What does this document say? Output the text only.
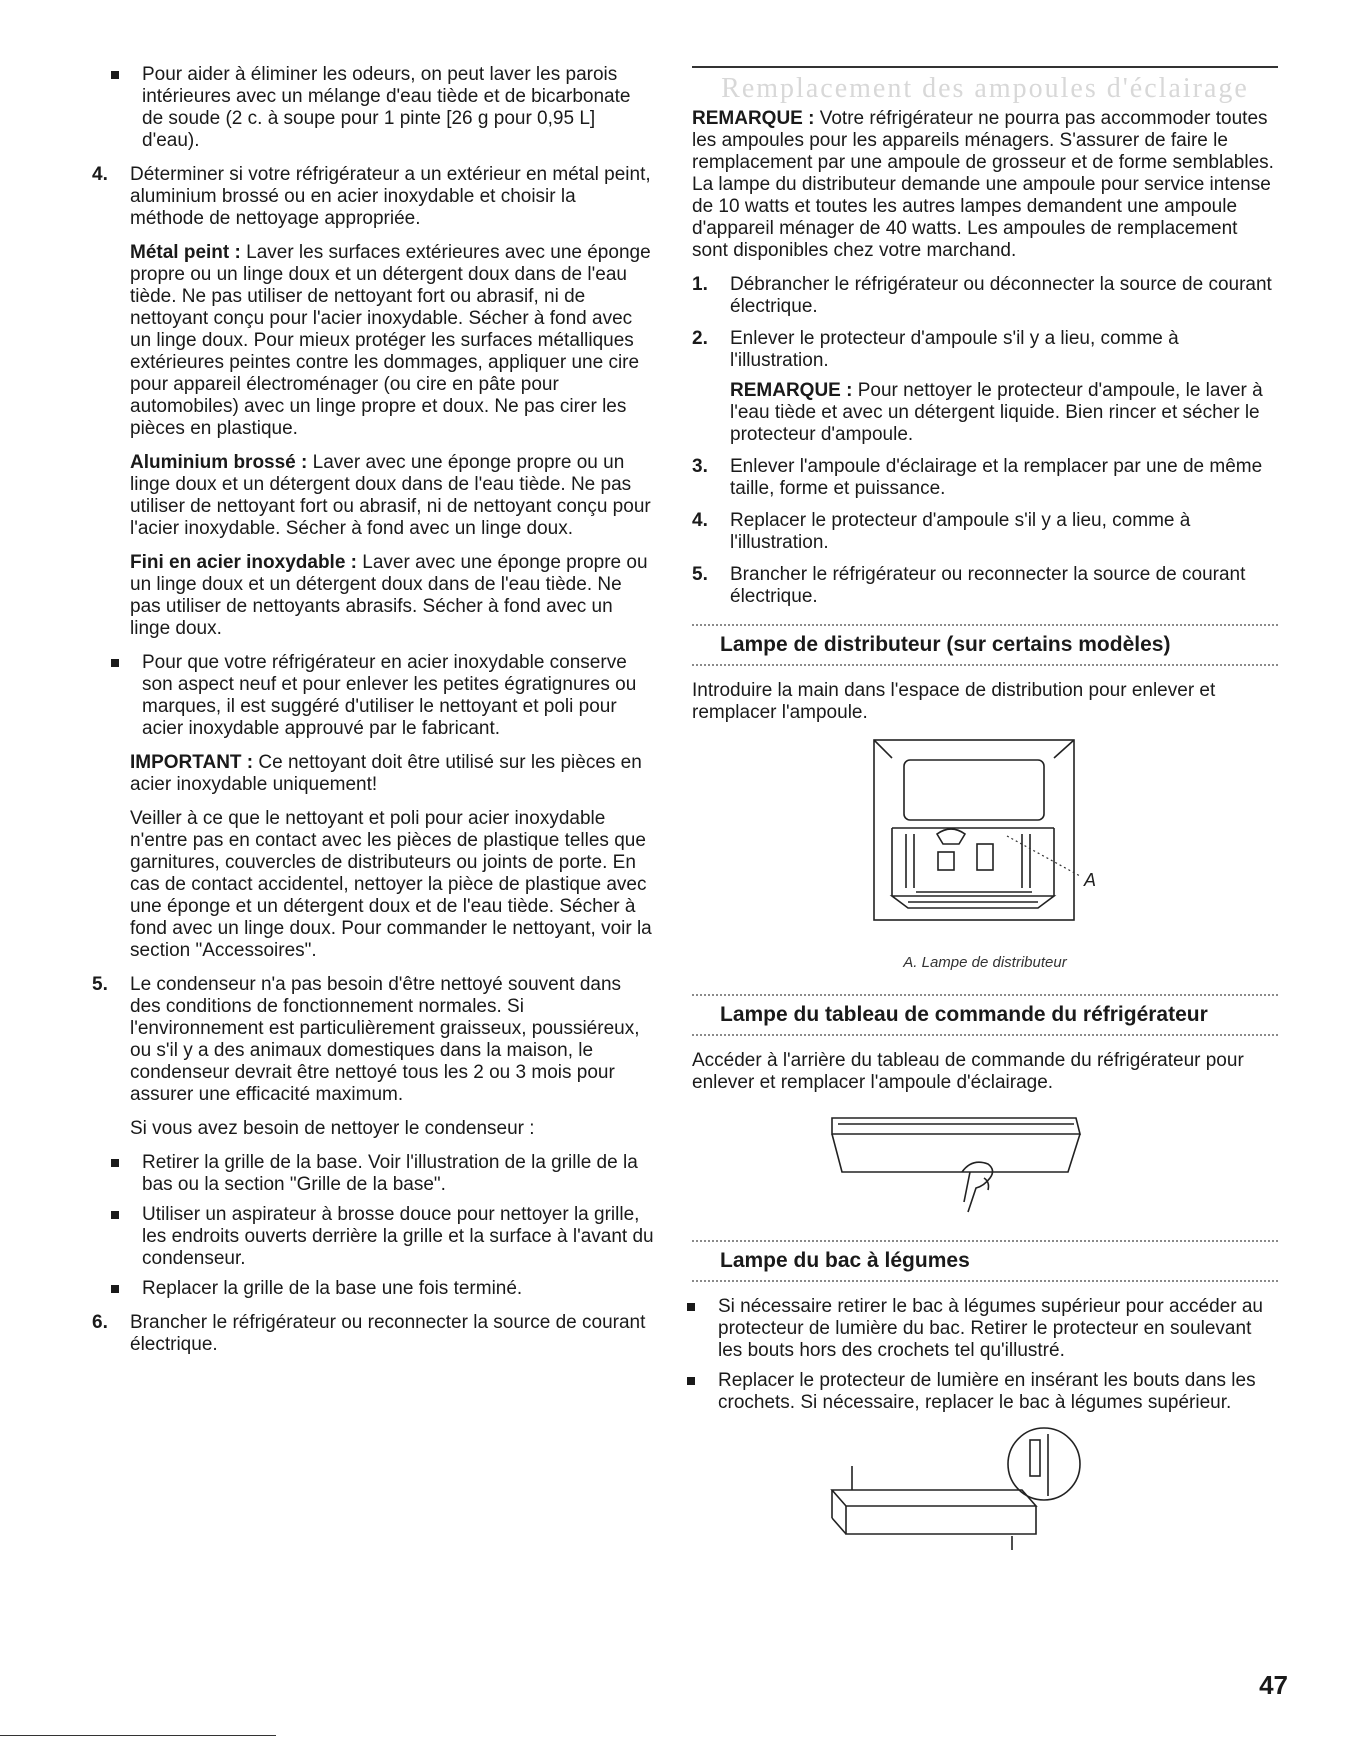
Pour aider à éliminer les odeurs, on peut laver les parois intérieures avec un mélange d'eau tiède et de bicarbonate de soude (2 c. à soupe pour 1 pinte [26 g pour 0,95 L] d'eau).
4. Déterminer si votre réfrigérateur a un extérieur en métal peint, aluminium brossé ou en acier inoxydable et choisir la méthode de nettoyage appropriée.

Métal peint : Laver les surfaces extérieures avec une éponge propre ou un linge doux et un détergent doux dans de l'eau tiède. Ne pas utiliser de nettoyant fort ou abrasif, ni de nettoyant conçu pour l'acier inoxydable. Sécher à fond avec un linge doux. Pour mieux protéger les surfaces métalliques extérieures peintes contre les dommages, appliquer une cire pour appareil électroménager (ou cire en pâte pour automobiles) avec un linge propre et doux. Ne pas cirer les pièces en plastique.

Aluminium brossé : Laver avec une éponge propre ou un linge doux et un détergent doux dans de l'eau tiède. Ne pas utiliser de nettoyant fort ou abrasif, ni de nettoyant conçu pour l'acier inoxydable. Sécher à fond avec un linge doux.

Fini en acier inoxydable : Laver avec une éponge propre ou un linge doux et un détergent doux dans de l'eau tiède. Ne pas utiliser de nettoyants abrasifs. Sécher à fond avec un linge doux.

Pour que votre réfrigérateur en acier inoxydable conserve son aspect neuf et pour enlever les petites égratignures ou marques, il est suggéré d'utiliser le nettoyant et poli pour acier inoxydable approuvé par le fabricant.

IMPORTANT : Ce nettoyant doit être utilisé sur les pièces en acier inoxydable uniquement!

Veiller à ce que le nettoyant et poli pour acier inoxydable n'entre pas en contact avec les pièces de plastique telles que garnitures, couvercles de distributeurs ou joints de porte. En cas de contact accidentel, nettoyer la pièce de plastique avec une éponge et un détergent doux et de l'eau tiède. Sécher à fond avec un linge doux. Pour commander le nettoyant, voir la section "Accessoires".

5. Le condenseur n'a pas besoin d'être nettoyé souvent dans des conditions de fonctionnement normales. Si l'environnement est particulièrement graisseux, poussiéreux, ou s'il y a des animaux domestiques dans la maison, le condenseur devrait être nettoyé tous les 2 ou 3 mois pour assurer une efficacité maximum.

Si vous avez besoin de nettoyer le condenseur :

Retirer la grille de la base. Voir l'illustration de la grille de la bas ou la section "Grille de la base".
Utiliser un aspirateur à brosse douce pour nettoyer la grille, les endroits ouverts derrière la grille et la surface à l'avant du condenseur.
Replacer la grille de la base une fois terminé.
6. Brancher le réfrigérateur ou reconnecter la source de courant électrique.

Remplacement des ampoules d'éclairage

REMARQUE : Votre réfrigérateur ne pourra pas accommoder toutes les ampoules pour les appareils ménagers. S'assurer de faire le remplacement par une ampoule de grosseur et de forme semblables. La lampe du distributeur demande une ampoule pour service intense de 10 watts et toutes les autres lampes demandent une ampoule d'appareil ménager de 40 watts. Les ampoules de remplacement sont disponibles chez votre marchand.

1. Débrancher le réfrigérateur ou déconnecter la source de courant électrique.
2. Enlever le protecteur d'ampoule s'il y a lieu, comme à l'illustration.

REMARQUE : Pour nettoyer le protecteur d'ampoule, le laver à l'eau tiède et avec un détergent liquide. Bien rincer et sécher le protecteur d'ampoule.

3. Enlever l'ampoule d'éclairage et la remplacer par une de même taille, forme et puissance.
4. Replacer le protecteur d'ampoule s'il y a lieu, comme à l'illustration.
5. Brancher le réfrigérateur ou reconnecter la source de courant électrique.
Lampe de distributeur (sur certains modèles)

Introduire la main dans l'espace de distribution pour enlever et remplacer l'ampoule.

A
A. Lampe de distributeur
Lampe du tableau de commande du réfrigérateur

Accéder à l'arrière du tableau de commande du réfrigérateur pour enlever et remplacer l'ampoule d'éclairage.

Lampe du bac à légumes
Si nécessaire retirer le bac à légumes supérieur pour accéder au protecteur de lumière du bac. Retirer le protecteur en soulevant les bouts hors des crochets tel qu'illustré.
Replacer le protecteur de lumière en insérant les bouts dans les crochets. Si nécessaire, replacer le bac à légumes supérieur.
47
